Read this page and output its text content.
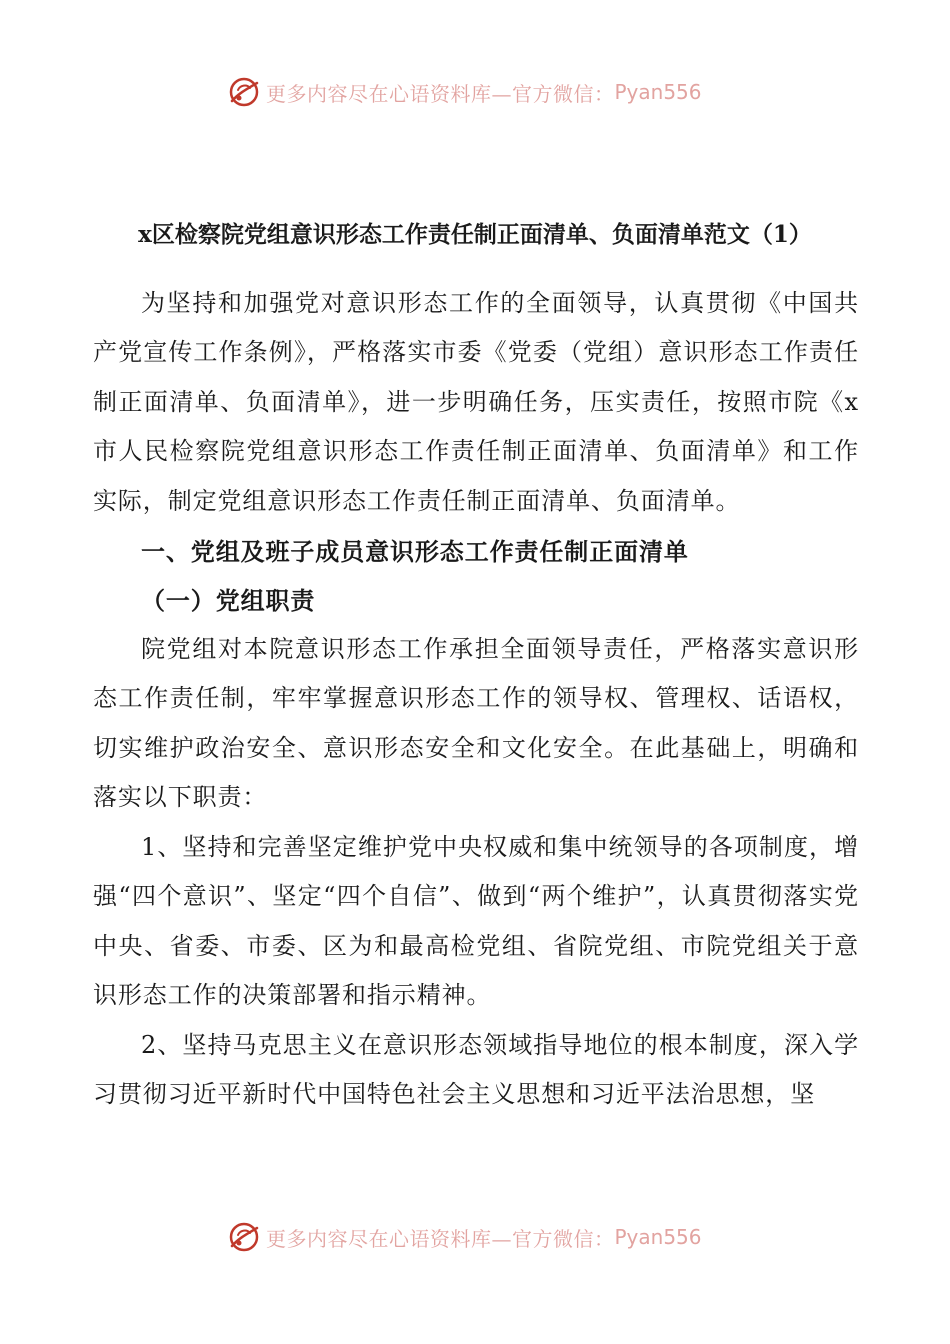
更多内容尽在心语资料库—官方微信： Pyan556
x区检察院党组意识形态工作责任制正面清单、负面清单范文（1）

为坚持和加强党对意识形态工作的全面领导，认真贯彻《中国共产党宣传工作条例》，严格落实市委《党委（党组）意识形态工作责任制正面清单、负面清单》，进一步明确任务，压实责任，按照市院《x市人民检察院党组意识形态工作责任制正面清单、负面清单》和工作实际，制定党组意识形态工作责任制正面清单、负面清单。

一、党组及班子成员意识形态工作责任制正面清单
（一）党组职责

院党组对本院意识形态工作承担全面领导责任，严格落实意识形态工作责任制，牢牢掌握意识形态工作的领导权、管理权、话语权，切实维护政治安全、意识形态安全和文化安全。在此基础上，明确和落实以下职责：

1、坚持和完善坚定维护党中央权威和集中统领导的各项制度，增强“四个意识”、坚定“四个自信”、做到“两个维护”，认真贯彻落实党中央、省委、市委、区为和最高检党组、省院党组、市院党组关于意识形态工作的决策部署和指示精神。

2、坚持马克思主义在意识形态领域指导地位的根本制度，深入学习贯彻习近平新时代中国特色社会主义思想和习近平法治思想，坚

更多内容尽在心语资料库—官方微信： Pyan556
